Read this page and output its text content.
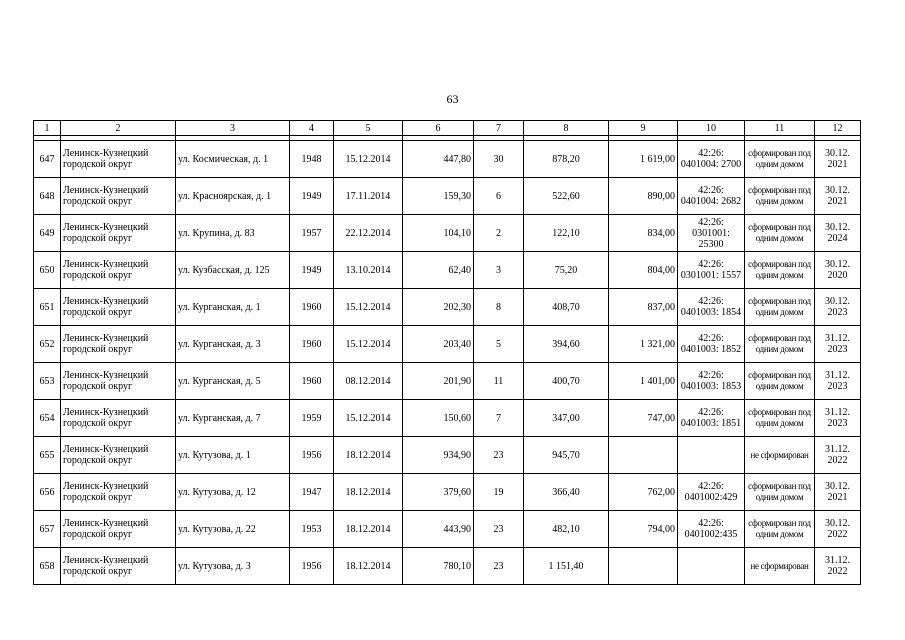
63
1	2	3	4	5	6	7	8	9	10	11	12

647	Ленинск-Кузнецкий городской округ	ул. Космическая, д. 1	1948	15.12.2014	447,80	30	878,20	1 619,00	42:26: 0401004: 2700	сформирован под одним домом	30.12. 2021
648	Ленинск-Кузнецкий городской округ	ул. Красноярская, д. 1	1949	17.11.2014	159,30	6	522,60	890,00	42:26: 0401004: 2682	сформирован под одним домом	30.12. 2021
649	Ленинск-Кузнецкий городской округ	ул. Крупина, д. 83	1957	22.12.2014	104,10	2	122,10	834,00	42:26: 0301001: 25300	сформирован под одним домом	30.12. 2024
650	Ленинск-Кузнецкий городской округ	ул. Кузбасская, д. 125	1949	13.10.2014	62,40	3	75,20	804,00	42:26: 0301001: 1557	сформирован под одним домом	30.12. 2020
651	Ленинск-Кузнецкий городской округ	ул. Курганская, д. 1	1960	15.12.2014	202,30	8	408,70	837,00	42:26: 0401003: 1854	сформирован под одним домом	30.12. 2023
652	Ленинск-Кузнецкий городской округ	ул. Курганская, д. 3	1960	15.12.2014	203,40	5	394,60	1 321,00	42:26: 0401003: 1852	сформирован под одним домом	31.12. 2023
653	Ленинск-Кузнецкий городской округ	ул. Курганская, д. 5	1960	08.12.2014	201,90	11	400,70	1 401,00	42:26: 0401003: 1853	сформирован под одним домом	31.12. 2023
654	Ленинск-Кузнецкий городской округ	ул. Курганская, д. 7	1959	15.12.2014	150,60	7	347,00	747,00	42:26: 0401003: 1851	сформирован под одним домом	31.12. 2023
655	Ленинск-Кузнецкий городской округ	ул. Кутузова, д. 1	1956	18.12.2014	934,90	23	945,70			не сформирован	31.12. 2022
656	Ленинск-Кузнецкий городской округ	ул. Кутузова, д. 12	1947	18.12.2014	379,60	19	366,40	762,00	42:26: 0401002:429	сформирован под одним домом	30.12. 2021
657	Ленинск-Кузнецкий городской округ	ул. Кутузова, д. 22	1953	18.12.2014	443,90	23	482,10	794,00	42:26: 0401002:435	сформирован под одним домом	30.12. 2022
658	Ленинск-Кузнецкий городской округ	ул. Кутузова, д. 3	1956	18.12.2014	780,10	23	1 151,40			не сформирован	31.12. 2022
